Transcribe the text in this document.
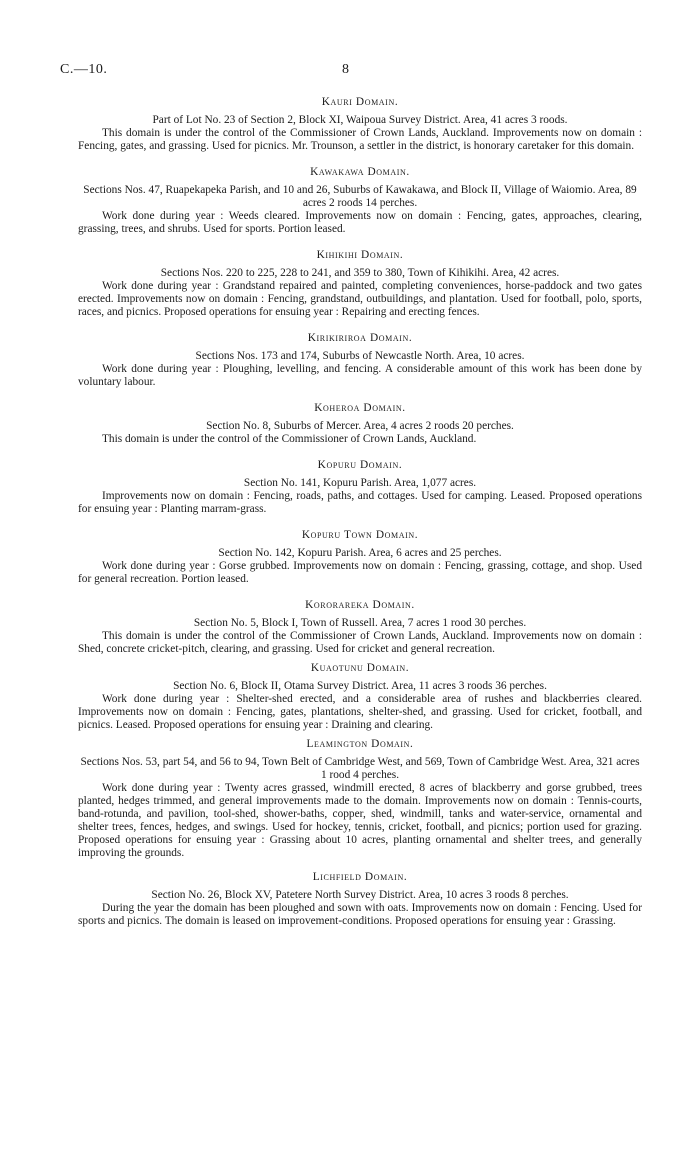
C.—10.	8

Kauri Domain.

Part of Lot No. 23 of Section 2, Block XI, Waipoua Survey District. Area, 41 acres 3 roods.

This domain is under the control of the Commissioner of Crown Lands, Auckland. Improvements now on domain : Fencing, gates, and grassing. Used for picnics. Mr. Trounson, a settler in the district, is honorary caretaker for this domain.

Kawakawa Domain.

Sections Nos. 47, Ruapekapeka Parish, and 10 and 26, Suburbs of Kawakawa, and Block II, Village of Waiomio. Area, 89 acres 2 roods 14 perches.

Work done during year : Weeds cleared. Improvements now on domain : Fencing, gates, approaches, clearing, grassing, trees, and shrubs. Used for sports. Portion leased.

Kihikihi Domain.

Sections Nos. 220 to 225, 228 to 241, and 359 to 380, Town of Kihikihi. Area, 42 acres.

Work done during year : Grandstand repaired and painted, completing conveniences, horse-paddock and two gates erected. Improvements now on domain : Fencing, grandstand, outbuildings, and plantation. Used for football, polo, sports, races, and picnics. Proposed operations for ensuing year : Repairing and erecting fences.

Kirikiriroa Domain.

Sections Nos. 173 and 174, Suburbs of Newcastle North. Area, 10 acres.

Work done during year : Ploughing, levelling, and fencing. A considerable amount of this work has been done by voluntary labour.

Koheroa Domain.

Section No. 8, Suburbs of Mercer. Area, 4 acres 2 roods 20 perches.

This domain is under the control of the Commissioner of Crown Lands, Auckland.

Kopuru Domain.

Section No. 141, Kopuru Parish. Area, 1,077 acres.

Improvements now on domain : Fencing, roads, paths, and cottages. Used for camping. Leased. Proposed operations for ensuing year : Planting marram-grass.

Kopuru Town Domain.

Section No. 142, Kopuru Parish. Area, 6 acres and 25 perches.

Work done during year : Gorse grubbed. Improvements now on domain : Fencing, grassing, cottage, and shop. Used for general recreation. Portion leased.

Kororareka Domain.

Section No. 5, Block I, Town of Russell. Area, 7 acres 1 rood 30 perches.

This domain is under the control of the Commissioner of Crown Lands, Auckland. Improvements now on domain : Shed, concrete cricket-pitch, clearing, and grassing. Used for cricket and general recreation.

Kuaotunu Domain.

Section No. 6, Block II, Otama Survey District. Area, 11 acres 3 roods 36 perches.

Work done during year : Shelter-shed erected, and a considerable area of rushes and blackberries cleared. Improvements now on domain : Fencing, gates, plantations, shelter-shed, and grassing. Used for cricket, football, and picnics. Leased. Proposed operations for ensuing year : Draining and clearing.

Leamington Domain.

Sections Nos. 53, part 54, and 56 to 94, Town Belt of Cambridge West, and 569, Town of Cambridge West. Area, 321 acres 1 rood 4 perches.

Work done during year : Twenty acres grassed, windmill erected, 8 acres of blackberry and gorse grubbed, trees planted, hedges trimmed, and general improvements made to the domain. Improvements now on domain : Tennis-courts, band-rotunda, and pavilion, tool-shed, shower-baths, copper, shed, windmill, tanks and water-service, ornamental and shelter trees, fences, hedges, and swings. Used for hockey, tennis, cricket, football, and picnics; portion used for grazing. Proposed operations for ensuing year : Grassing about 10 acres, planting ornamental and shelter trees, and generally improving the grounds.

Lichfield Domain.

Section No. 26, Block XV, Patetere North Survey District. Area, 10 acres 3 roods 8 perches.

During the year the domain has been ploughed and sown with oats. Improvements now on domain : Fencing. Used for sports and picnics. The domain is leased on improvement-conditions. Proposed operations for ensuing year : Grassing.
